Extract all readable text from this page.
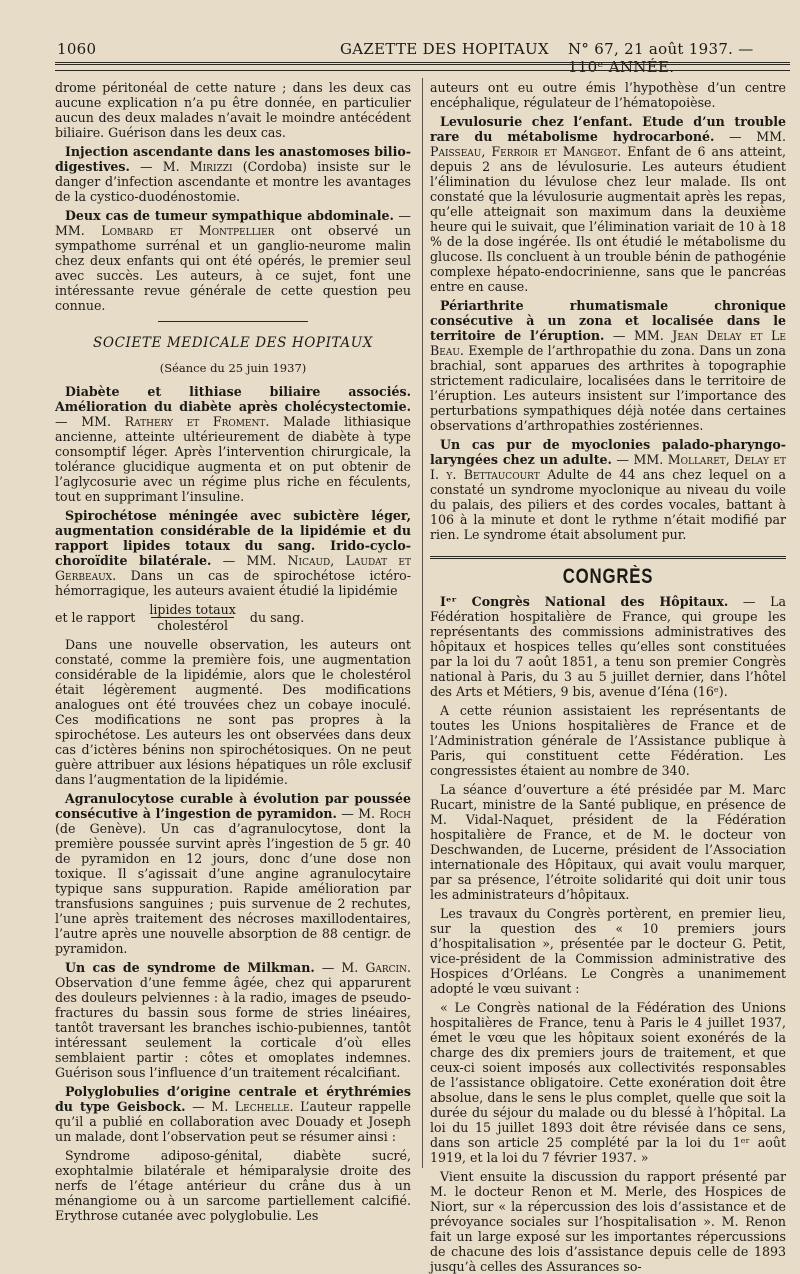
1060	GAZETTE DES HOPITAUX N° 67, 21 août 1937. — 110ᵉ ANNÉE.

drome péritonéal de cette nature ; dans les deux cas aucune explication n’a pu être donnée, en particulier aucun des deux malades n’avait le moindre antécédent biliaire. Guérison dans les deux cas.

Injection ascendante dans les anastomoses bilio-digestives. — M. Mirizzi (Cordoba) insiste sur le danger d’infection ascendante et montre les avantages de la cystico-duodénostomie.

Deux cas de tumeur sympathique abdominale. — MM. Lombard et Montpellier ont observé un sympathome surrénal et un ganglio-neurome malin chez deux enfants qui ont été opérés, le premier seul avec succès. Les auteurs, à ce sujet, font une intéressante revue générale de cette question peu connue.

SOCIETE MEDICALE DES HOPITAUX
(Séance du 25 juin 1937)

Diabète et lithiase biliaire associés. Amélioration du diabète après cholécystectomie. — MM. Rathery et Froment. Malade lithiasique ancienne, atteinte ultérieurement de diabète à type consomptif léger. Après l’intervention chirurgicale, la tolérance glucidique augmenta et on put obtenir de l’aglycosurie avec un régime plus riche en féculents, tout en supprimant l’insuline.

Spirochétose méningée avec subictère léger, augmentation considérable de la lipidémie et du rapport lipides totaux du sang. Irido-cyclo-choroïdite bilatérale. — MM. Nicaud, Laudat et Gerbeaux. Dans un cas de spirochétose ictéro-hémorragique, les auteurs avaient étudié la lipidémie

et le rapport $\frac{\text{lipides totaux}}{\text{cholestérol}}$ du sang.

Dans une nouvelle observation, les auteurs ont constaté, comme la première fois, une augmentation considérable de la lipidémie, alors que le cholestérol était légèrement augmenté. Des modifications analogues ont été trouvées chez un cobaye inoculé. Ces modifications ne sont pas propres à la spirochétose. Les auteurs les ont observées dans deux cas d’ictères bénins non spirochétosiques. On ne peut guère attribuer aux lésions hépatiques un rôle exclusif dans l’augmentation de la lipidémie.

Agranulocytose curable à évolution par poussée consécutive à l’ingestion de pyramidon. — M. Roch (de Genève). Un cas d’agranulocytose, dont la première poussée survint après l’ingestion de 5 gr. 40 de pyramidon en 12 jours, donc d’une dose non toxique. Il s’agissait d’une angine agranulocytaire typique sans suppuration. Rapide amélioration par transfusions sanguines ; puis survenue de 2 rechutes, l’une après traitement des nécroses maxillodentaires, l’autre après une nouvelle absorption de 88 centigr. de pyramidon.

Un cas de syndrome de Milkman. — M. Garcin. Observation d’une femme âgée, chez qui apparurent des douleurs pelviennes : à la radio, images de pseudo-fractures du bassin sous forme de stries linéaires, tantôt traversant les branches ischio-pubiennes, tantôt intéressant seulement la corticale d’où elles semblaient partir : côtes et omoplates indemnes. Guérison sous l’influence d’un traitement récalcifiant.

Polyglobulies d’origine centrale et érythrémies du type Geisbock. — M. Lechelle. L’auteur rappelle qu’il a publié en collaboration avec Douady et Joseph un malade, dont l’observation peut se résumer ainsi :

Syndrome adiposo-génital, diabète sucré, exophtalmie bilatérale et hémiparalysie droite des nerfs de l’étage antérieur du crâne dus à un ménangiome ou à un sarcome partiellement calcifié. Erythrose cutanée avec polyglobulie. Les

auteurs ont eu outre émis l’hypothèse d’un centre encéphalique, régulateur de l’hématopoièse.

Levulosurie chez l’enfant. Etude d’un trouble rare du métabolisme hydrocarboné. — MM. Paisseau, Ferroir et Mangeot. Enfant de 6 ans atteint, depuis 2 ans de lévulosurie. Les auteurs étudient l’élimination du lévulose chez leur malade. Ils ont constaté que la lévulosurie augmentait après les repas, qu’elle atteignait son maximum dans la deuxième heure qui le suivait, que l’élimination variait de 10 à 18 % de la dose ingérée. Ils ont étudié le métabolisme du glucose. Ils concluent à un trouble bénin de pathogénie complexe hépato-endocrinienne, sans que le pancréas entre en cause.

Périarthrite rhumatismale chronique consécutive à un zona et localisée dans le territoire de l’éruption. — MM. Jean Delay et Le Beau. Exemple de l’arthropathie du zona. Dans un zona brachial, sont apparues des arthrites à topographie strictement radiculaire, localisées dans le territoire de l’éruption. Les auteurs insistent sur l’importance des perturbations sympathiques déjà notée dans certaines observations d’arthropathies zostériennes.

Un cas pur de myoclonies palado-pharyngo-laryngées chez un adulte. — MM. Mollaret, Delay et I. y. Bettaucourt Adulte de 44 ans chez lequel on a constaté un syndrome myoclonique au niveau du voile du palais, des piliers et des cordes vocales, battant à 106 à la minute et dont le rythme n’était modifié par rien. Le syndrome était absolument pur.

CONGRÈS

Iᵉʳ Congrès National des Hôpitaux. — La Fédération hospitalière de France, qui groupe les représentants des commissions administratives des hôpitaux et hospices telles qu’elles sont constituées par la loi du 7 août 1851, a tenu son premier Congrès national à Paris, du 3 au 5 juillet dernier, dans l’hôtel des Arts et Métiers, 9 bis, avenue d’Iéna (16ᵉ).

A cette réunion assistaient les représentants de toutes les Unions hospitalières de France et de l’Administration générale de l’Assistance publique à Paris, qui constituent cette Fédération. Les congressistes étaient au nombre de 340.

La séance d’ouverture a été présidée par M. Marc Rucart, ministre de la Santé publique, en présence de M. Vidal-Naquet, président de la Fédération hospitalière de France, et de M. le docteur von Deschwanden, de Lucerne, président de l’Association internationale des Hôpitaux, qui avait voulu marquer, par sa présence, l’étroite solidarité qui doit unir tous les administrateurs d’hôpitaux.

Les travaux du Congrès portèrent, en premier lieu, sur la question des « 10 premiers jours d’hospitalisation », présentée par le docteur G. Petit, vice-président de la Commission administrative des Hospices d’Orléans. Le Congrès a unanimement adopté le vœu suivant :

« Le Congrès national de la Fédération des Unions hospitalières de France, tenu à Paris le 4 juillet 1937, émet le vœu que les hôpitaux soient exonérés de la charge des dix premiers jours de traitement, et que ceux-ci soient imposés aux collectivités responsables de l’assistance obligatoire. Cette exonération doit être absolue, dans le sens le plus complet, quelle que soit la durée du séjour du malade ou du blessé à l’hôpital. La loi du 15 juillet 1893 doit être révisée dans ce sens, dans son article 25 complété par la loi du 1ᵉʳ août 1919, et la loi du 7 février 1937. »

Vient ensuite la discussion du rapport présenté par M. le docteur Renon et M. Merle, des Hospices de Niort, sur « la répercussion des lois d’assistance et de prévoyance sociales sur l’hospitalisation ». M. Renon fait un large exposé sur les importantes répercussions de chacune des lois d’assistance depuis celle de 1893 jusqu’à celles des Assurances so-
